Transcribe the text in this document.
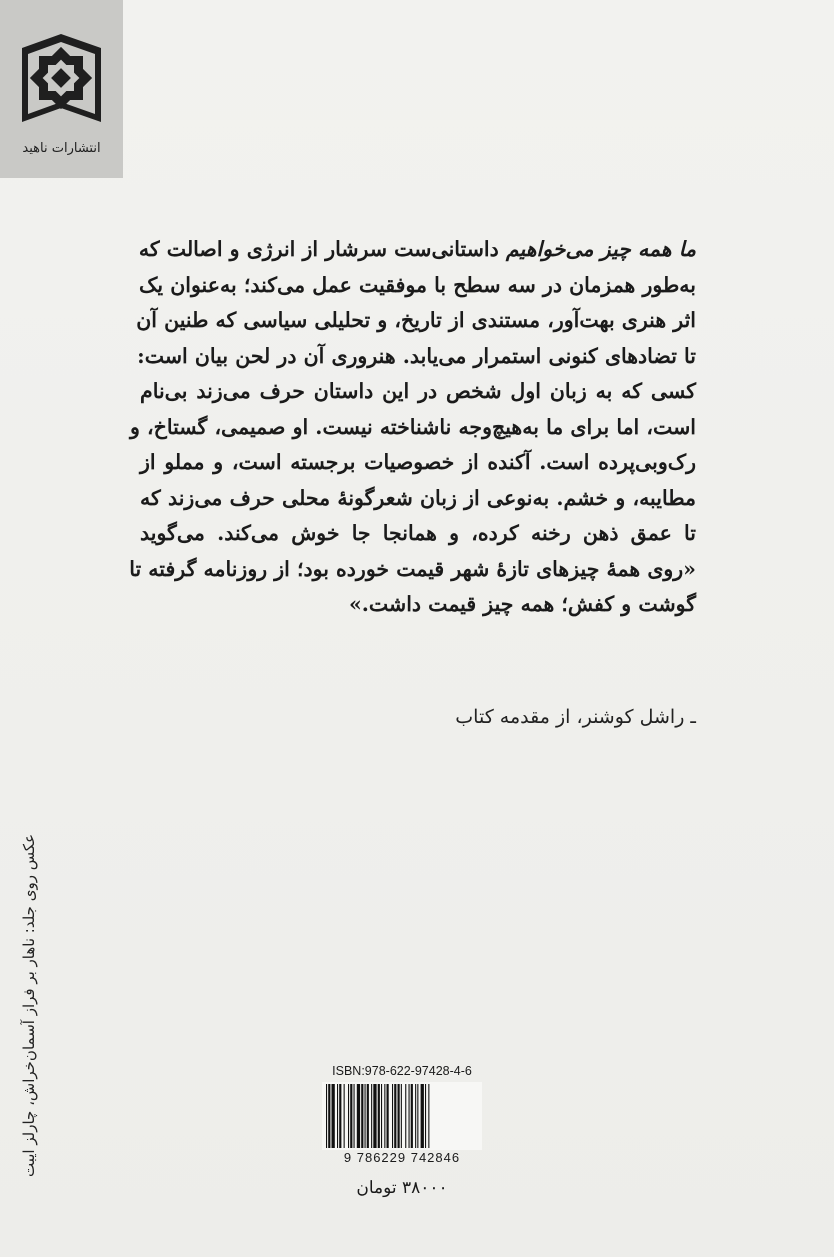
انتشارات ناهید
ما همه چیز می‌خواهیم داستانی‌ست سرشار از انرژی و اصالت که
به‌طور همزمان در سه سطح با موفقیت عمل می‌کند؛ به‌عنوان یک
اثر هنری بهت‌آور، مستندی از تاریخ، و تحلیلی سیاسی که طنین آن
تا تضادهای کنونی استمرار می‌یابد. هنروری آن در لحن بیان است:
کسی که به زبان اول شخص در این داستان حرف می‌زند بی‌نام
است، اما برای ما به‌هیچ‌وجه ناشناخته نیست. او صمیمی، گستاخ، و
رک‌وبی‌پرده است. آکنده از خصوصیات برجسته است، و مملو از
مطایبه، و خشم. به‌نوعی از زبان شعرگونهٔ محلی حرف می‌زند که
تا عمق ذهن رخنه کرده، و همانجا جا خوش می‌کند. می‌گوید
«روی همهٔ چیزهای تازهٔ شهر قیمت خورده بود؛ از روزنامه گرفته تا
گوشت و کفش؛ همه چیز قیمت داشت.»
ـ راشل کوشنر، از مقدمه کتاب
عکس روی جلد: ناهار بر فراز آسمان‌خراش، چارلز ایبت	ISBN:978-622-97428-4-6
9 786229 742846
۳۸۰۰۰ تومان
